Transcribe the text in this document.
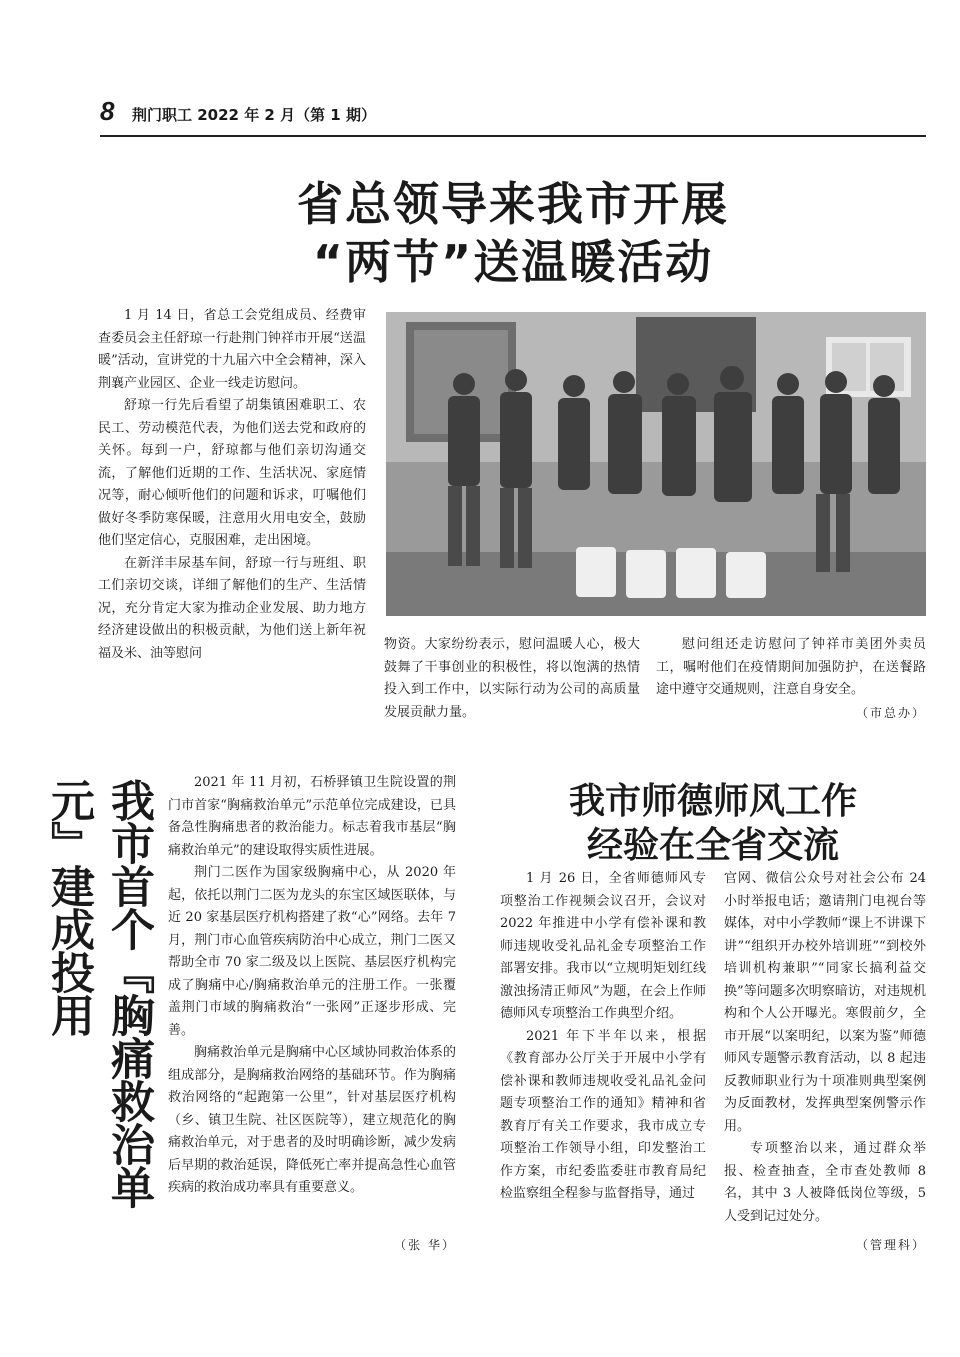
8 荆门职工 2022 年 2 月（第 1 期）
省总领导来我市开展
“两节”送温暖活动

1 月 14 日，省总工会党组成员、经费审查委员会主任舒琼一行赴荆门钟祥市开展“送温暖”活动，宣讲党的十九届六中全会精神，深入荆襄产业园区、企业一线走访慰问。

舒琼一行先后看望了胡集镇困难职工、农民工、劳动模范代表，为他们送去党和政府的关怀。每到一户，舒琼都与他们亲切沟通交流，了解他们近期的工作、生活状况、家庭情况等，耐心倾听他们的问题和诉求，叮嘱他们做好冬季防寒保暖，注意用火用电安全，鼓励他们坚定信心，克服困难，走出困境。

在新洋丰尿基车间，舒琼一行与班组、职工们亲切交谈，详细了解他们的生产、生活情况，充分肯定大家为推动企业发展、助力地方经济建设做出的积极贡献，为他们送上新年祝福及米、油等慰问

物资。大家纷纷表示，慰问温暖人心，极大鼓舞了干事创业的积极性，将以饱满的热情投入到工作中，以实际行动为公司的高质量发展贡献力量。

慰问组还走访慰问了钟祥市美团外卖员工，嘱咐他们在疫情期间加强防护，在送餐路途中遵守交通规则，注意自身安全。

（市总办）
我市首个『胸痛救治单元』建成投用	2021 年 11 月初，石桥驿镇卫生院设置的荆门市首家“胸痛救治单元”示范单位完成建设，已具备急性胸痛患者的救治能力。标志着我市基层“胸痛救治单元”的建设取得实质性进展。

荆门二医作为国家级胸痛中心，从 2020 年起，依托以荆门二医为龙头的东宝区域医联体，与近 20 家基层医疗机构搭建了救“心”网络。去年 7 月，荆门市心血管疾病防治中心成立，荆门二医又帮助全市 70 家二级及以上医院、基层医疗机构完成了胸痛中心/胸痛救治单元的注册工作。一张覆盖荆门市域的胸痛救治“一张网”正逐步形成、完善。

胸痛救治单元是胸痛中心区域协同救治体系的组成部分，是胸痛救治网络的基础环节。作为胸痛救治网络的“起跑第一公里”，针对基层医疗机构（乡、镇卫生院、社区医院等），建立规范化的胸痛救治单元，对于患者的及时明确诊断，减少发病后早期的救治延误，降低死亡率并提高急性心血管疾病的救治成功率具有重要意义。

（张 华）
我市师德师风工作
经验在全省交流

1 月 26 日，全省师德师风专项整治工作视频会议召开，会议对 2022 年推进中小学有偿补课和教师违规收受礼品礼金专项整治工作部署安排。我市以“立规明矩划红线 激浊扬清正师风”为题，在会上作师德师风专项整治工作典型介绍。

2021 年下半年以来，根据《教育部办公厅关于开展中小学有偿补课和教师违规收受礼品礼金问题专项整治工作的通知》精神和省教育厅有关工作要求，我市成立专项整治工作领导小组，印发整治工作方案，市纪委监委驻市教育局纪检监察组全程参与监督指导，通过

官网、微信公众号对社会公布 24 小时举报电话；邀请荆门电视台等媒体，对中小学教师“课上不讲课下讲”“组织开办校外培训班”“到校外培训机构兼职”“同家长搞利益交换”等问题多次明察暗访，对违规机构和个人公开曝光。寒假前夕，全市开展“以案明纪，以案为鉴”师德师风专题警示教育活动，以 8 起违反教师职业行为十项准则典型案例为反面教材，发挥典型案例警示作用。

专项整治以来，通过群众举报、检查抽查，全市查处教师 8 名，其中 3 人被降低岗位等级，5 人受到记过处分。

（管理科）
